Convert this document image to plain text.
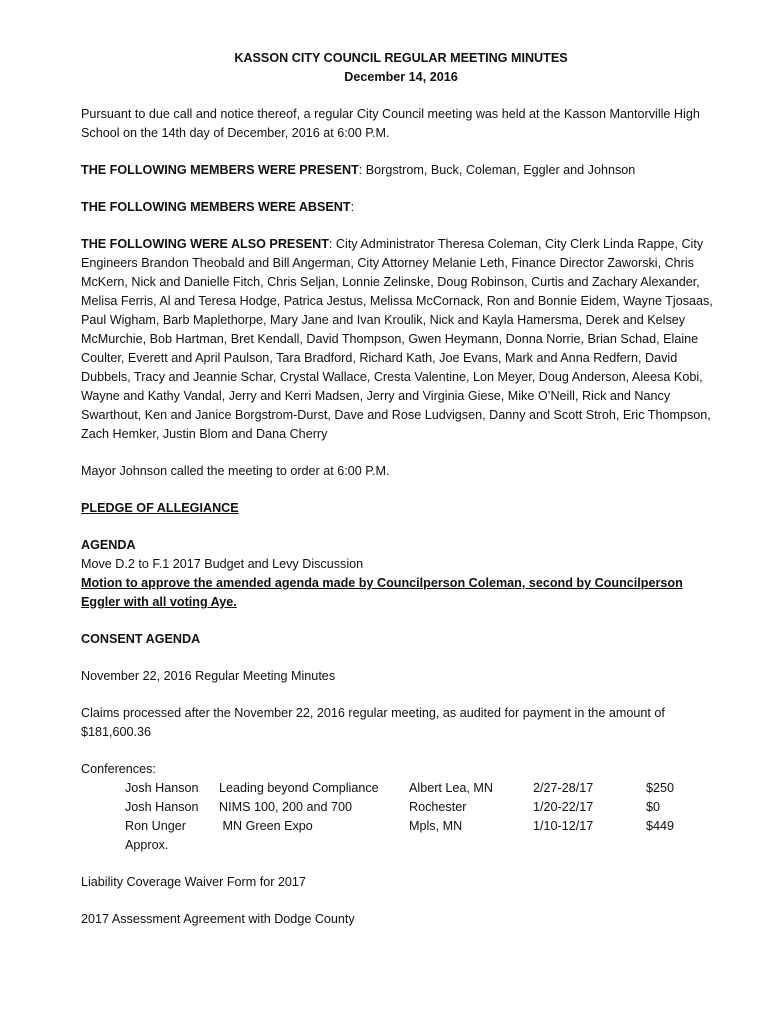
KASSON CITY COUNCIL REGULAR MEETING MINUTES
December 14, 2016

Pursuant to due call and notice thereof, a regular City Council meeting was held at the Kasson Mantorville High School on the 14th day of December, 2016 at 6:00 P.M.

THE FOLLOWING MEMBERS WERE PRESENT: Borgstrom, Buck, Coleman, Eggler and Johnson

THE FOLLOWING MEMBERS WERE ABSENT:

THE FOLLOWING WERE ALSO PRESENT: City Administrator Theresa Coleman, City Clerk Linda Rappe, City Engineers Brandon Theobald and Bill Angerman, City Attorney Melanie Leth, Finance Director Zaworski, Chris McKern, Nick and Danielle Fitch, Chris Seljan, Lonnie Zelinske, Doug Robinson, Curtis and Zachary Alexander, Melisa Ferris, Al and Teresa Hodge, Patrica Jestus, Melissa McCornack, Ron and Bonnie Eidem, Wayne Tjosaas, Paul Wigham, Barb Maplethorpe, Mary Jane and Ivan Kroulik, Nick and Kayla Hamersma, Derek and Kelsey McMurchie, Bob Hartman, Bret Kendall, David Thompson, Gwen Heymann, Donna Norrie, Brian Schad, Elaine Coulter, Everett and April Paulson, Tara Bradford, Richard Kath, Joe Evans, Mark and Anna Redfern, David Dubbels, Tracy and Jeannie Schar, Crystal Wallace, Cresta Valentine, Lon Meyer, Doug Anderson, Aleesa Kobi, Wayne and Kathy Vandal, Jerry and Kerri Madsen, Jerry and Virginia Giese, Mike O’Neill, Rick and Nancy Swarthout, Ken and Janice Borgstrom-Durst, Dave and Rose Ludvigsen, Danny and Scott Stroh, Eric Thompson, Zach Hemker, Justin Blom and Dana Cherry

Mayor Johnson called the meeting to order at 6:00 P.M.

PLEDGE OF ALLEGIANCE

AGENDA

Move D.2 to F.1 2017 Budget and Levy Discussion

Motion to approve the amended agenda made by Councilperson Coleman, second by Councilperson Eggler with all voting Aye.

CONSENT AGENDA

November 22, 2016 Regular Meeting Minutes

Claims processed after the November 22, 2016 regular meeting, as audited for payment in the amount of $181,600.36

Conferences:

Josh Hanson	Leading beyond Compliance	Albert Lea, MN	2/27-28/17	$250
Josh Hanson	NIMS 100, 200 and 700	Rochester	1/20-22/17	$0
Ron Unger	MN Green Expo	Mpls, MN	1/10-12/17	$449
Approx.				

Liability Coverage Waiver Form for 2017

2017 Assessment Agreement with Dodge County
